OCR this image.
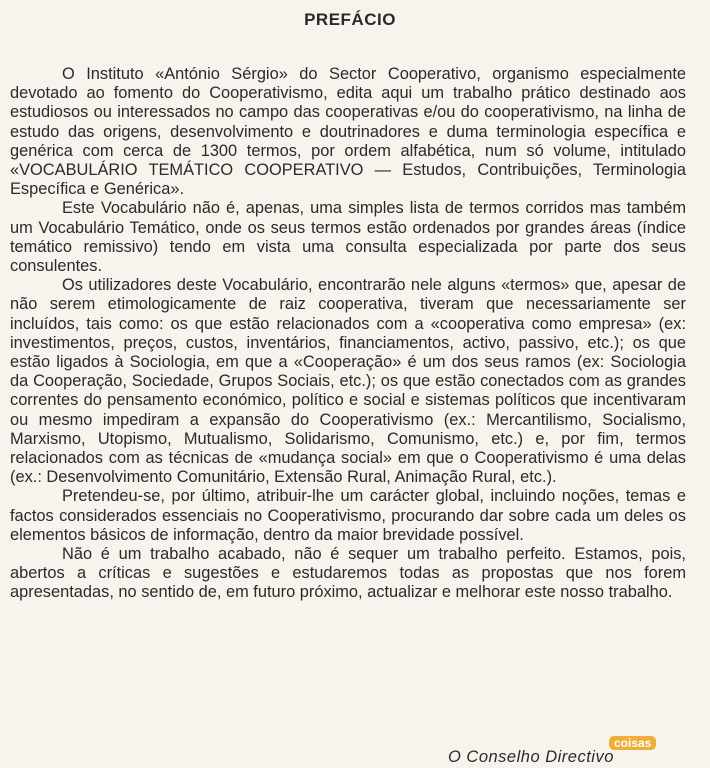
PREFÁCIO

O Instituto «António Sérgio» do Sector Cooperativo, organismo especialmente devotado ao fomento do Cooperativismo, edita aqui um trabalho prático destinado aos estudiosos ou interessados no campo das cooperativas e/ou do cooperativismo, na linha de estudo das origens, desenvolvimento e doutrinadores e duma terminologia específica e genérica com cerca de 1300 termos, por ordem alfabética, num só volume, intitulado «VOCABULÁRIO TEMÁTICO COOPERATIVO — Estudos, Contribuições, Terminologia Específica e Genérica».

Este Vocabulário não é, apenas, uma simples lista de termos corridos mas também um Vocabulário Temático, onde os seus termos estão ordenados por grandes áreas (índice temático remissivo) tendo em vista uma consulta especializada por parte dos seus consulentes.

Os utilizadores deste Vocabulário, encontrarão nele alguns «termos» que, apesar de não serem etimologicamente de raiz cooperativa, tiveram que necessariamente ser incluídos, tais como: os que estão relacionados com a «cooperativa como empresa» (ex: investimentos, preços, custos, inventários, financiamentos, activo, passivo, etc.); os que estão ligados à Sociologia, em que a «Cooperação» é um dos seus ramos (ex: Sociologia da Cooperação, Sociedade, Grupos Sociais, etc.); os que estão conectados com as grandes correntes do pensamento económico, político e social e sistemas políticos que incentivaram ou mesmo impediram a expansão do Cooperativismo (ex.: Mercantilismo, Socialismo, Marxismo, Utopismo, Mutualismo, Solidarismo, Comunismo, etc.) e, por fim, termos relacionados com as técnicas de «mudança social» em que o Cooperativismo é uma delas (ex.: Desenvolvimento Comunitário, Extensão Rural, Animação Rural, etc.).

Pretendeu-se, por último, atribuir-lhe um carácter global, incluindo noções, temas e factos considerados essenciais no Cooperativismo, procurando dar sobre cada um deles os elementos básicos de informação, dentro da maior brevidade possível.

Não é um trabalho acabado, não é sequer um trabalho perfeito. Estamos, pois, abertos a críticas e sugestões e estudaremos todas as propostas que nos forem apresentadas, no sentido de, em futuro próximo, actualizar e melhorar este nosso trabalho.

coisas
O Conselho Directivo
